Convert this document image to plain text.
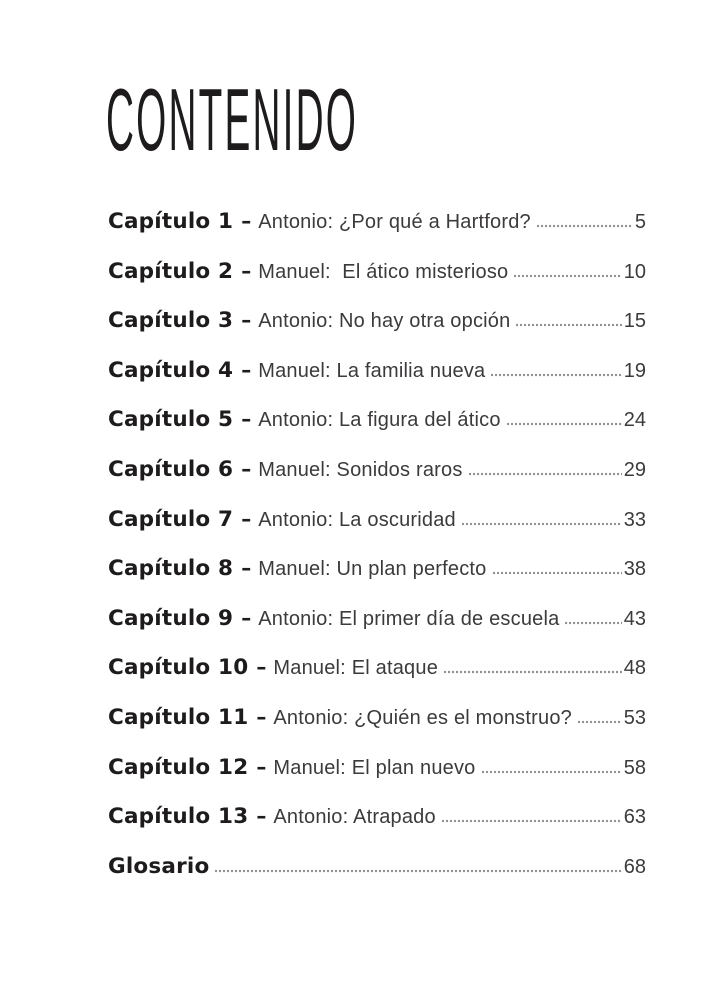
CONTENIDO
Capítulo 1 – Antonio: ¿Por qué a Hartford?	5
Capítulo 2 – Manuel:  El ático misterioso	10
Capítulo 3 – Antonio: No hay otra opción	15
Capítulo 4 – Manuel: La familia nueva	19
Capítulo 5 – Antonio: La figura del ático	24
Capítulo 6 – Manuel: Sonidos raros	29
Capítulo 7 – Antonio: La oscuridad	33
Capítulo 8 – Manuel: Un plan perfecto	38
Capítulo 9 – Antonio: El primer día de escuela	43
Capítulo 10 – Manuel: El ataque	48
Capítulo 11 – Antonio: ¿Quién es el monstruo?	53
Capítulo 12 – Manuel: El plan nuevo	58
Capítulo 13 – Antonio: Atrapado	63
Glosario	68
